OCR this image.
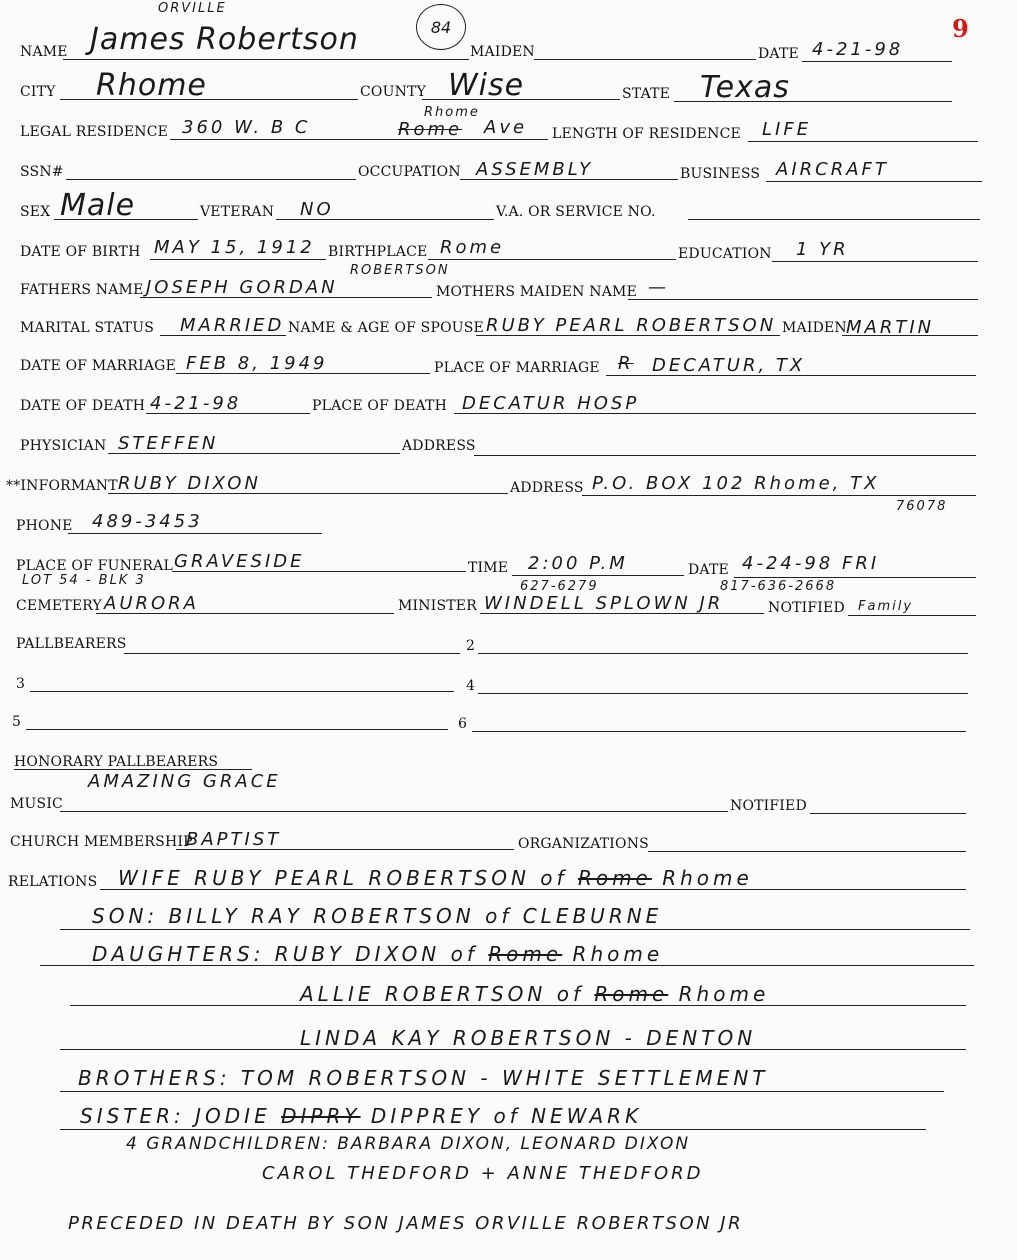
9
84
NAME
ORVILLE
James Robertson	MAIDEN	DATE 4-21-98
CITY Rhome	COUNTY Wise	STATE Texas
LEGAL RESIDENCE 360 W. B C
Rhome
Rome Ave LENGTH OF RESIDENCE LIFE
SSN#	OCCUPATION ASSEMBLY	BUSINESS AIRCRAFT
SEX Male	VETERAN NO	V.A. OR SERVICE NO.
DATE OF BIRTH MAY 15, 1912 BIRTHPLACE Rome	EDUCATION 1 YR
FATHERS NAME
ROBERTSON
JOSEPH GORDAN	MOTHERS MAIDEN NAME —
MARITAL STATUS MARRIED NAME & AGE OF SPOUSE RUBY PEARL ROBERTSON MAIDEN MARTIN
DATE OF MARRIAGE FEB 8, 1949	PLACE OF MARRIAGE R DECATUR, TX
DATE OF DEATH 4-21-98	PLACE OF DEATH DECATUR HOSP
PHYSICIAN STEFFEN	ADDRESS
**INFORMANT RUBY DIXON	ADDRESS P.O. BOX 102 Rhome, TX
76078
PHONE 489-3453
PLACE OF FUNERAL GRAVESIDE
LOT 54 - BLK 3
TIME 2:00 P.M
627-6279
DATE 4-24-98 FRI
817-636-2668
CEMETERY AURORA	MINISTER WINDELL SPLOWN JR	NOTIFIED Family
PALLBEARERS	2
3	4
5	6
HONORARY PALLBEARERS
AMAZING GRACE
MUSIC	NOTIFIED
CHURCH MEMBERSHIP
BAPTIST	ORGANIZATIONS
RELATIONS WIFE RUBY PEARL ROBERTSON of Rome Rhome
SON: BILLY RAY ROBERTSON of CLEBURNE
DAUGHTERS: RUBY DIXON of Rome Rhome
ALLIE ROBERTSON of Rome Rhome
LINDA KAY ROBERTSON - DENTON
BROTHERS: TOM ROBERTSON - WHITE SETTLEMENT
SISTER: JODIE DIPRY DIPPREY of NEWARK
4 GRANDCHILDREN: BARBARA DIXON, LEONARD DIXON
CAROL THEDFORD + ANNE THEDFORD
PRECEDED IN DEATH BY SON JAMES ORVILLE ROBERTSON JR
